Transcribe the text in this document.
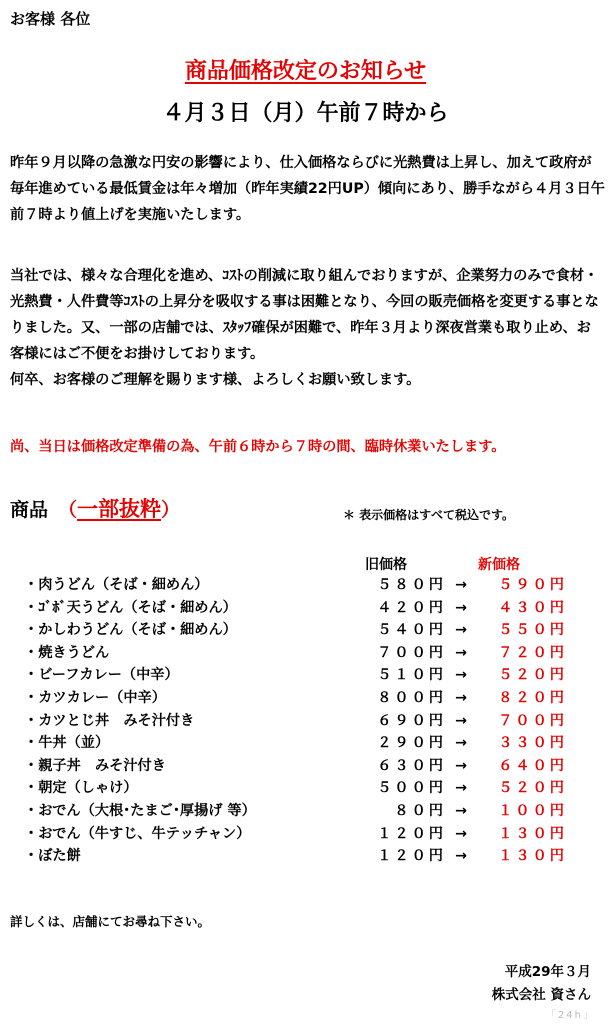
お客様 各位
商品価格改定のお知らせ
４月３日（月）午前７時から
昨年９月以降の急激な円安の影響により、仕入価格ならびに光熱費は上昇し、加えて政府が毎年進めている最低賃金は年々増加（昨年実績22円UP）傾向にあり、勝手ながら４月３日午前７時より値上げを実施いたします。
当社では、様々な合理化を進め、ｺｽﾄの削減に取り組んでおりますが、企業努力のみで食材・光熱費・人件費等ｺｽﾄの上昇分を吸収する事は困難となり、今回の販売価格を変更する事となりました。又、一部の店舗では、ｽﾀｯﾌ確保が困難で、昨年３月より深夜営業も取り止め、お客様にはご不便をお掛けしております。
何卒、お客様のご理解を賜ります様、よろしくお願い致します。
尚、当日は価格改定準備の為、午前６時から７時の間、臨時休業いたします。
商品 （一部抜粋）	＊ 表示価格はすべて税込です。
旧価格	新価格
・肉うどん（そば・細めん）	５８０円 →	５９０円
・ｺﾞﾎﾞ天うどん（そば・細めん）	４２０円 →	４３０円
・かしわうどん（そば・細めん）	５４０円 →	５５０円
・焼きうどん	７００円 →	７２０円
・ビーフカレー（中辛）	５１０円 →	５２０円
・カツカレー（中辛）	８００円 →	８２０円
・カツとじ丼　みそ汁付き	６９０円 →	７００円
・牛丼（並）	２９０円 →	３３０円
・親子丼　みそ汁付き	６３０円 →	６４０円
・朝定（しゃけ）	５００円 →	５２０円
・おでん（大根･たまご･厚揚げ 等）	８０円 →	１００円
・おでん（牛すじ、牛テッチャン）	１２０円 →	１３０円
・ぼた餅	１２０円 →	１３０円
詳しくは、店舗にてお尋ね下さい。
平成29年３月
株式会社 資さん
「24h」
